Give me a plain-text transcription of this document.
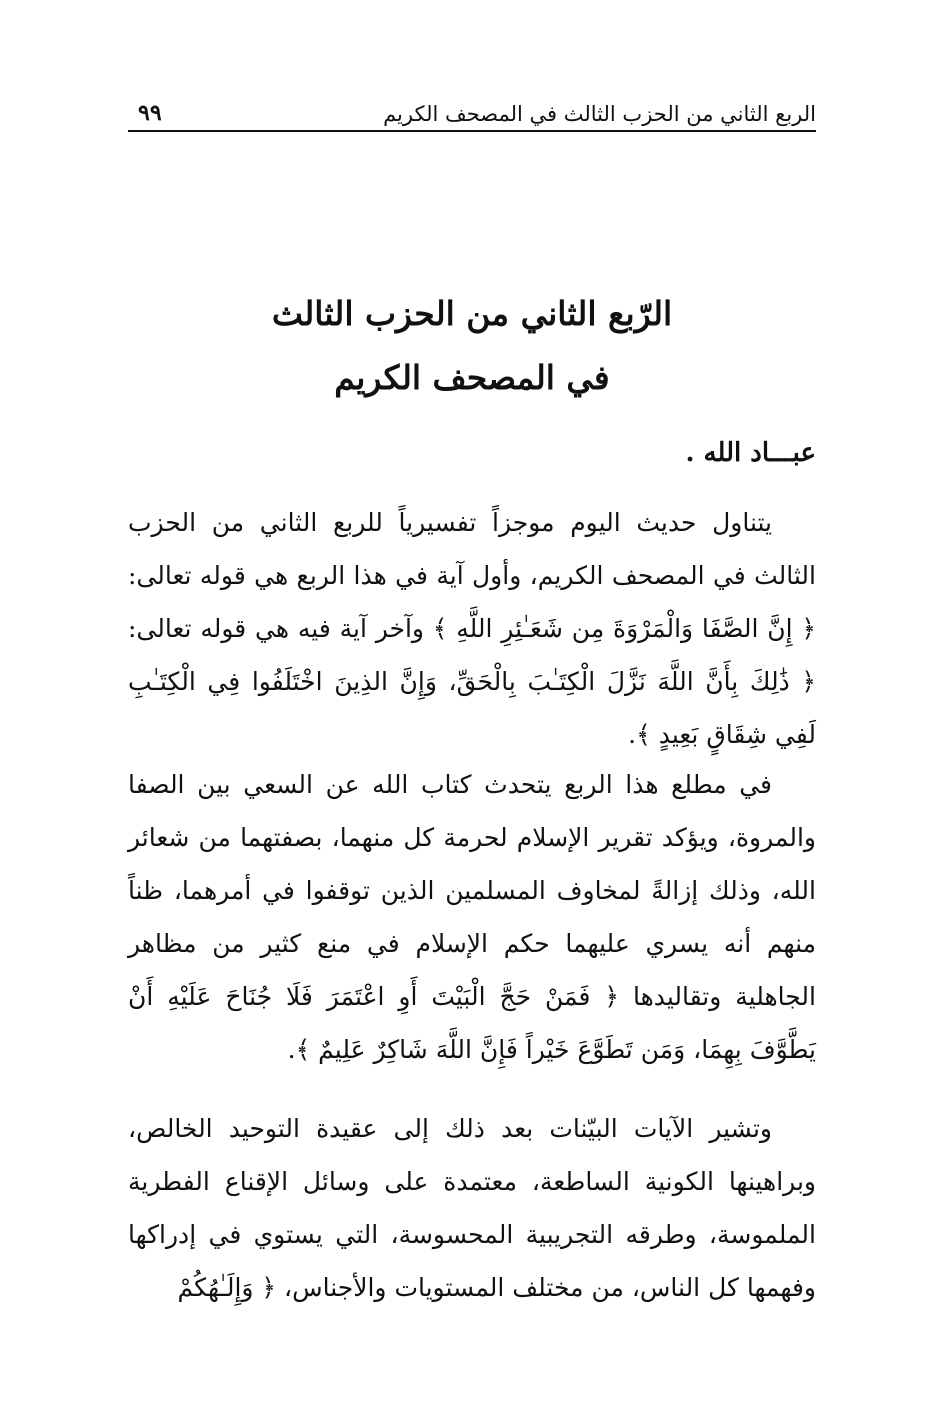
الربع الثاني من الحزب الثالث في المصحف الكريم
٩٩
الرّبع الثاني من الحزب الثالث
في المصحف الكريم
عبـــاد الله .

يتناول حديث اليوم موجزاً تفسيرياً للربع الثاني من الحزب الثالث في المصحف الكريم، وأول آية في هذا الربع هي قوله تعالى: ﴿ إِنَّ الصَّفَا وَالْمَرْوَةَ مِن شَعَـٰئِرِ اللَّهِ ﴾ وآخر آية فيه هي قوله تعالى: ﴿ ذَٰلِكَ بِأَنَّ اللَّهَ نَزَّلَ الْكِتَـٰبَ بِالْحَقِّ، وَإِنَّ الذِينَ اخْتَلَفُوا فِي الْكِتَـٰبِ لَفِي شِقَاقٍ بَعِيدٍ ﴾.

في مطلع هذا الربع يتحدث كتاب الله عن السعي بين الصفا والمروة، ويؤكد تقرير الإسلام لحرمة كل منهما، بصفتهما من شعائر الله، وذلك إزالةً لمخاوف المسلمين الذين توقفوا في أمرهما، ظناً منهم أنه يسري عليهما حكم الإسلام في منع كثير من مظاهر الجاهلية وتقاليدها ﴿ فَمَنْ حَجَّ الْبَيْتَ أَوِ اعْتَمَرَ فَلَا جُنَاحَ عَلَيْهِ أَنْ يَطَّوَّفَ بِهِمَا، وَمَن تَطَوَّعَ خَيْراً فَإِنَّ اللَّهَ شَاكِرٌ عَلِيمٌ ﴾.

وتشير الآيات البيّنات بعد ذلك إلى عقيدة التوحيد الخالص، وبراهينها الكونية الساطعة، معتمدة على وسائل الإقناع الفطرية الملموسة، وطرقه التجريبية المحسوسة، التي يستوي في إدراكها وفهمها كل الناس، من مختلف المستويات والأجناس، ﴿ وَإِلَـٰهُكُمْ
